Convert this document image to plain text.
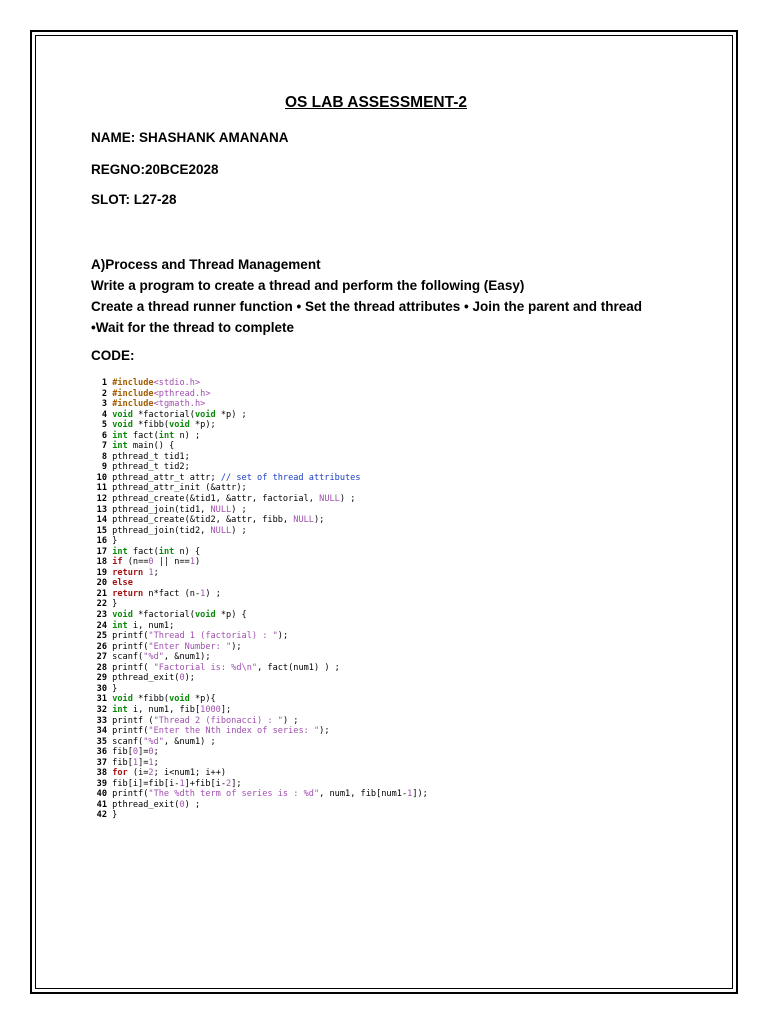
OS LAB ASSESSMENT-2
NAME: SHASHANK AMANANA
REGNO:20BCE2028
SLOT: L27-28
A)Process and Thread Management
Write a program to create a thread and perform the following (Easy)
Create a thread runner function • Set the thread attributes • Join the parent and thread
•Wait for the thread to complete
CODE:
1 #include<stdio.h>
2 #include<pthread.h>
3 #include<tgmath.h>
4 void *factorial(void *p) ;
5 void *fibb(void *p);
6 int fact(int n) ;
7 int main() {
8 pthread_t tid1;
9 pthread_t tid2;
10 pthread_attr_t attr; // set of thread attributes
11 pthread_attr_init (&attr);
12 pthread_create(&tid1, &attr, factorial, NULL) ;
13 pthread_join(tid1, NULL) ;
14 pthread_create(&tid2, &attr, fibb, NULL);
15 pthread_join(tid2, NULL) ;
16 }
17 int fact(int n) {
18 if (n==0 || n==1)
19 return 1;
20 else
21 return n*fact (n-1) ;
22 }
23 void *factorial(void *p) {
24 int i, num1;
25 printf("Thread 1 (factorial) : ");
26 printf("Enter Number: ");
27 scanf("%d", &num1);
28 printf( "Factorial is: %d\n", fact(num1) ) ;
29 pthread_exit(0);
30 }
31 void *fibb(void *p){
32 int i, num1, fib[1000];
33 printf ("Thread 2 (fibonacci) : ") ;
34 printf("Enter the Nth index of series: ");
35 scanf("%d", &num1) ;
36 fib[0]=0;
37 fib[1]=1;
38 for (i=2; i<num1; i++)
39 fib[i]=fib[i-1]+fib[i-2];
40 printf("The %dth term of series is : %d", num1, fib[num1-1]);
41 pthread_exit(0) ;
42 }
